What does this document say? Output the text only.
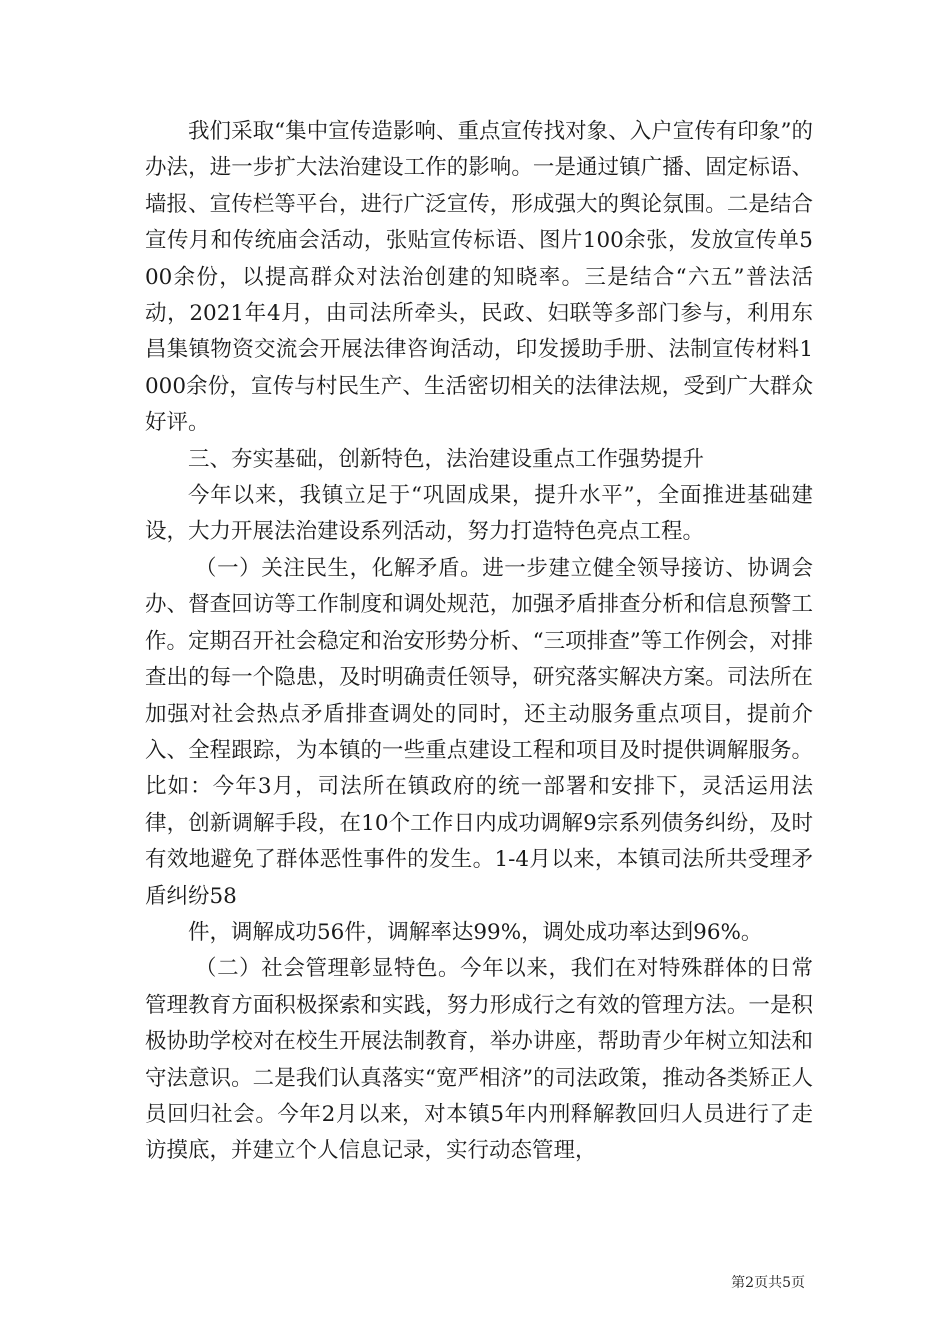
我们采取“集中宣传造影响、重点宣传找对象、入户宣传有印象”的办法，进一步扩大法治建设工作的影响。一是通过镇广播、固定标语、墙报、宣传栏等平台，进行广泛宣传，形成强大的舆论氛围。二是结合宣传月和传统庙会活动，张贴宣传标语、图片100余张，发放宣传单500余份，以提高群众对法治创建的知晓率。三是结合“六五”普法活动，2021年4月，由司法所牵头，民政、妇联等多部门参与，利用东昌集镇物资交流会开展法律咨询活动，印发援助手册、法制宣传材料1000余份，宣传与村民生产、生活密切相关的法律法规，受到广大群众好评。

三、夯实基础，创新特色，法治建设重点工作强势提升

今年以来，我镇立足于“巩固成果，提升水平”，全面推进基础建设，大力开展法治建设系列活动，努力打造特色亮点工程。

（一）关注民生，化解矛盾。进一步建立健全领导接访、协调会办、督查回访等工作制度和调处规范，加强矛盾排查分析和信息预警工作。定期召开社会稳定和治安形势分析、“三项排查”等工作例会，对排查出的每一个隐患，及时明确责任领导，研究落实解决方案。司法所在加强对社会热点矛盾排查调处的同时，还主动服务重点项目，提前介入、全程跟踪，为本镇的一些重点建设工程和项目及时提供调解服务。比如：今年3月，司法所在镇政府的统一部署和安排下，灵活运用法律，创新调解手段，在10个工作日内成功调解9宗系列债务纠纷，及时有效地避免了群体恶性事件的发生。1-4月以来，本镇司法所共受理矛盾纠纷58

件，调解成功56件，调解率达99%，调处成功率达到96%。

（二）社会管理彰显特色。今年以来，我们在对特殊群体的日常管理教育方面积极探索和实践，努力形成行之有效的管理方法。一是积极协助学校对在校生开展法制教育，举办讲座，帮助青少年树立知法和守法意识。二是我们认真落实“宽严相济”的司法政策，推动各类矫正人员回归社会。今年2月以来，对本镇5年内刑释解教回归人员进行了走访摸底，并建立个人信息记录，实行动态管理，

第2页共5页
